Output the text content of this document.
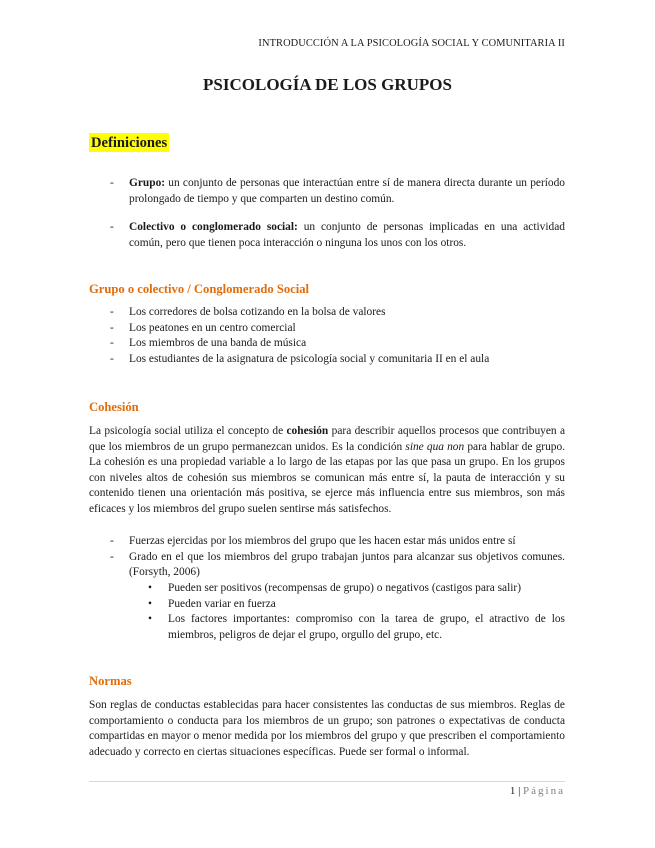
INTRODUCCIÓN A LA PSICOLOGÍA SOCIAL Y COMUNITARIA II
PSICOLOGÍA DE LOS GRUPOS
Definiciones
- Grupo: un conjunto de personas que interactúan entre sí de manera directa durante un período prolongado de tiempo y que comparten un destino común.
- Colectivo o conglomerado social: un conjunto de personas implicadas en una actividad común, pero que tienen poca interacción o ninguna los unos con los otros.
Grupo o colectivo / Conglomerado Social
- Los corredores de bolsa cotizando en la bolsa de valores
- Los peatones en un centro comercial
- Los miembros de una banda de música
- Los estudiantes de la asignatura de psicología social y comunitaria II en el aula
Cohesión

La psicología social utiliza el concepto de cohesión para describir aquellos procesos que contribuyen a que los miembros de un grupo permanezcan unidos. Es la condición sine qua non para hablar de grupo. La cohesión es una propiedad variable a lo largo de las etapas por las que pasa un grupo. En los grupos con niveles altos de cohesión sus miembros se comunican más entre sí, la pauta de interacción y su contenido tienen una orientación más positiva, se ejerce más influencia entre sus miembros, son más eficaces y los miembros del grupo suelen sentirse más satisfechos.

- Fuerzas ejercidas por los miembros del grupo que les hacen estar más unidos entre sí
- Grado en el que los miembros del grupo trabajan juntos para alcanzar sus objetivos comunes. (Forsyth, 2006)
• Pueden ser positivos (recompensas de grupo) o negativos (castigos para salir)
• Pueden variar en fuerza
• Los factores importantes: compromiso con la tarea de grupo, el atractivo de los miembros, peligros de dejar el grupo, orgullo del grupo, etc.
Normas

Son reglas de conductas establecidas para hacer consistentes las conductas de sus miembros. Reglas de comportamiento o conducta para los miembros de un grupo; son patrones o expectativas de conducta compartidas en mayor o menor medida por los miembros del grupo y que prescriben el comportamiento adecuado y correcto en ciertas situaciones específicas. Puede ser formal o informal.

1 | Página
